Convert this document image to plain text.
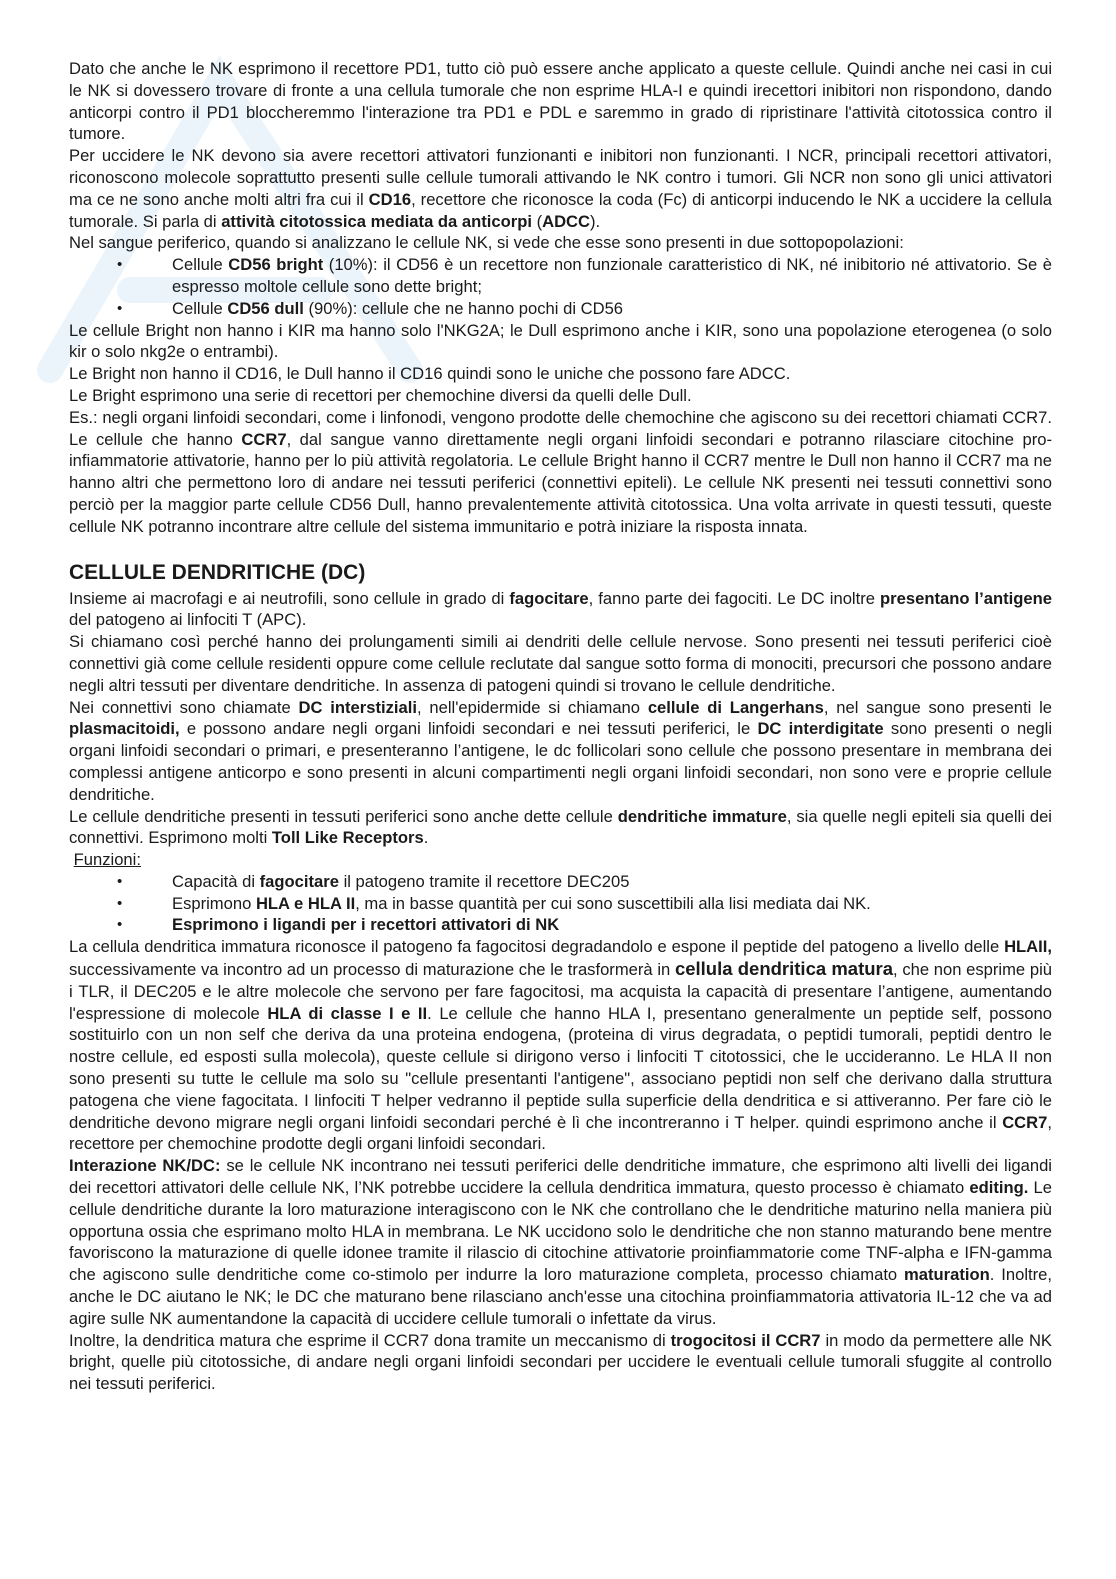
Dato che anche le NK esprimono il recettore PD1, tutto ciò può essere anche applicato a queste cellule. Quindi anche nei casi in cui le NK si dovessero trovare di fronte a una cellula tumorale che non esprime HLA-I e quindi irecettori inibitori non rispondono, dando anticorpi contro il PD1 bloccheremmo l'interazione tra PD1 e PDL e saremmo in grado di ripristinare l'attività citotossica contro il tumore.

Per uccidere le NK devono sia avere recettori attivatori funzionanti e inibitori non funzionanti. I NCR, principali recettori attivatori, riconoscono molecole soprattutto presenti sulle cellule tumorali attivando le NK contro i tumori. Gli NCR non sono gli unici attivatori ma ce ne sono anche molti altri fra cui il CD16, recettore che riconosce la coda (Fc) di anticorpi inducendo le NK a uccidere la cellula tumorale. Si parla di attività citotossica mediata da anticorpi (ADCC).

Nel sangue periferico, quando si analizzano le cellule NK, si vede che esse sono presenti in due sottopopolazioni:

• Cellule CD56 bright (10%): il CD56 è un recettore non funzionale caratteristico di NK, né inibitorio né attivatorio. Se è espresso moltole cellule sono dette bright;
• Cellule CD56 dull (90%): cellule che ne hanno pochi di CD56

Le cellule Bright non hanno i KIR ma hanno solo l'NKG2A; le Dull esprimono anche i KIR, sono una popolazione eterogenea (o solo kir o solo nkg2e o entrambi).

Le Bright non hanno il CD16, le Dull hanno il CD16 quindi sono le uniche che possono fare ADCC.

Le Bright esprimono una serie di recettori per chemochine diversi da quelli delle Dull.

Es.: negli organi linfoidi secondari, come i linfonodi, vengono prodotte delle chemochine che agiscono su dei recettori chiamati CCR7. Le cellule che hanno CCR7, dal sangue vanno direttamente negli organi linfoidi secondari e potranno rilasciare citochine pro-infiammatorie attivatorie, hanno per lo più attività regolatoria. Le cellule Bright hanno il CCR7 mentre le Dull non hanno il CCR7 ma ne hanno altri che permettono loro di andare nei tessuti periferici (connettivi epiteli). Le cellule NK presenti nei tessuti connettivi sono perciò per la maggior parte cellule CD56 Dull, hanno prevalentemente attività citotossica. Una volta arrivate in questi tessuti, queste cellule NK potranno incontrare altre cellule del sistema immunitario e potrà iniziare la risposta innata.

CELLULE DENDRITICHE (DC)

Insieme ai macrofagi e ai neutrofili, sono cellule in grado di fagocitare, fanno parte dei fagociti. Le DC inoltre presentano l’antigene del patogeno ai linfociti T (APC).

Si chiamano così perché hanno dei prolungamenti simili ai dendriti delle cellule nervose. Sono presenti nei tessuti periferici cioè connettivi già come cellule residenti oppure come cellule reclutate dal sangue sotto forma di monociti, precursori che possono andare negli altri tessuti per diventare dendritiche. In assenza di patogeni quindi si trovano le cellule dendritiche.

Nei connettivi sono chiamate DC interstiziali, nell'epidermide si chiamano cellule di Langerhans, nel sangue sono presenti le plasmacitoidi, e possono andare negli organi linfoidi secondari e nei tessuti periferici, le DC interdigitate sono presenti o negli organi linfoidi secondari o primari, e presenteranno l’antigene, le dc follicolari sono cellule che possono presentare in membrana dei complessi antigene anticorpo e sono presenti in alcuni compartimenti negli organi linfoidi secondari, non sono vere e proprie cellule dendritiche.

Le cellule dendritiche presenti in tessuti periferici sono anche dette cellule dendritiche immature, sia quelle negli epiteli sia quelli dei connettivi. Esprimono molti Toll Like Receptors.

Funzioni:

• Capacità di fagocitare il patogeno tramite il recettore DEC205
• Esprimono HLA e HLA II, ma in basse quantità per cui sono suscettibili alla lisi mediata dai NK.
• Esprimono i ligandi per i recettori attivatori di NK

La cellula dendritica immatura riconosce il patogeno fa fagocitosi degradandolo e espone il peptide del patogeno a livello delle HLAII, successivamente va incontro ad un processo di maturazione che le trasformerà in cellula dendritica matura, che non esprime più i TLR, il DEC205 e le altre molecole che servono per fare fagocitosi, ma acquista la capacità di presentare l’antigene, aumentando l'espressione di molecole HLA di classe I e II. Le cellule che hanno HLA I, presentano generalmente un peptide self, possono sostituirlo con un non self che deriva da una proteina endogena, (proteina di virus degradata, o peptidi tumorali, peptidi dentro le nostre cellule, ed esposti sulla molecola), queste cellule si dirigono verso i linfociti T citotossici, che le uccideranno. Le HLA II non sono presenti su tutte le cellule ma solo su "cellule presentanti l'antigene", associano peptidi non self che derivano dalla struttura patogena che viene fagocitata. I linfociti T helper vedranno il peptide sulla superficie della dendritica e si attiveranno. Per fare ciò le dendritiche devono migrare negli organi linfoidi secondari perché è lì che incontreranno i T helper. quindi esprimono anche il CCR7, recettore per chemochine prodotte degli organi linfoidi secondari.

Interazione NK/DC: se le cellule NK incontrano nei tessuti periferici delle dendritiche immature, che esprimono alti livelli dei ligandi dei recettori attivatori delle cellule NK, l’NK potrebbe uccidere la cellula dendritica immatura, questo processo è chiamato editing. Le cellule dendritiche durante la loro maturazione interagiscono con le NK che controllano che le dendritiche maturino nella maniera più opportuna ossia che esprimano molto HLA in membrana. Le NK uccidono solo le dendritiche che non stanno maturando bene mentre favoriscono la maturazione di quelle idonee tramite il rilascio di citochine attivatorie proinfiammatorie come TNF-alpha e IFN-gamma che agiscono sulle dendritiche come co-stimolo per indurre la loro maturazione completa, processo chiamato maturation. Inoltre, anche le DC aiutano le NK; le DC che maturano bene rilasciano anch'esse una citochina proinfiammatoria attivatoria IL-12 che va ad agire sulle NK aumentandone la capacità di uccidere cellule tumorali o infettate da virus.

Inoltre, la dendritica matura che esprime il CCR7 dona tramite un meccanismo di trogocitosi il CCR7 in modo da permettere alle NK bright, quelle più citotossiche, di andare negli organi linfoidi secondari per uccidere le eventuali cellule tumorali sfuggite al controllo nei tessuti periferici.
